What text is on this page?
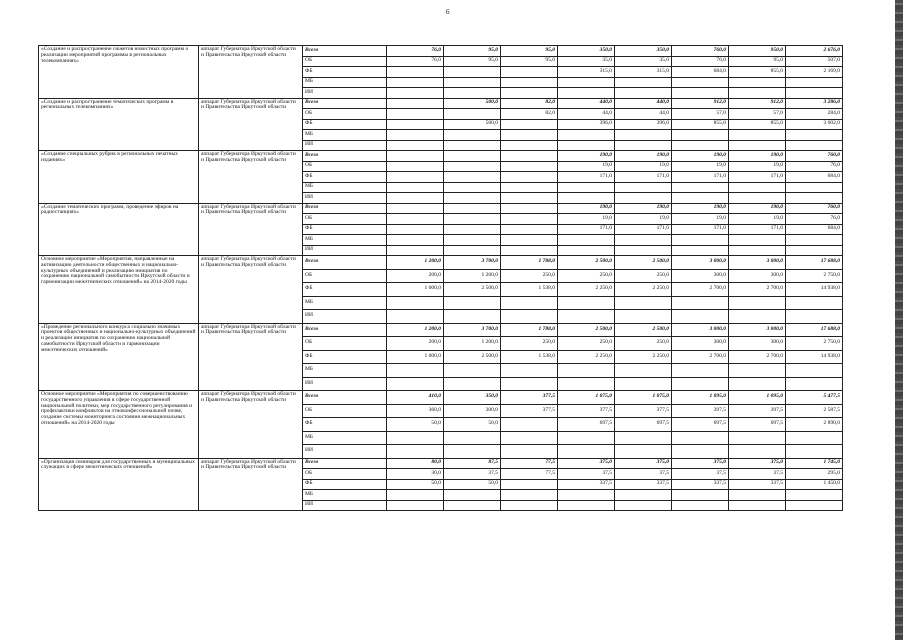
6
«Создание и распространение сюжетов новостных программ о реализации мероприятий программы в региональных телекомпаниях»	аппарат Губернатора Иркутской области и Правительства Иркутской области	Всего	76,0	95,0	95,0	350,0	350,0	760,0	950,0	2 676,0
		ОБ	76,0	95,0	95,0	35,0	35,0	76,0	95,0	507,0
		ФБ				315,0	315,0	684,0	855,0	2 169,0
		МБ								
		ИИ								
«Создание и распространение тематических программ в региональных телекомпаниях»	аппарат Губернатора Иркутской области и Правительства Иркутской области	Всего		500,0	82,0	440,0	440,0	912,0	912,0	3 286,0
		ОБ			82,0	44,0	44,0	57,0	57,0	284,0
		ФБ		500,0		396,0	396,0	855,0	855,0	3 002,0
		МБ								
		ИИ								
«Создание специальных рубрик в региональных печатных изданиях»	аппарат Губернатора Иркутской области и Правительства Иркутской области	Всего				190,0	190,0	190,0	190,0	760,0
		ОБ				19,0	19,0	19,0	19,0	76,0
		ФБ				171,0	171,0	171,0	171,0	684,0
		МБ								
		ИИ								
«Создание тематических программ, проведение эфиров на радиостанциях»	аппарат Губернатора Иркутской области и Правительства Иркутской области	Всего				190,0	190,0	190,0	190,0	760,0
		ОБ				19,0	19,0	19,0	19,0	76,0
		ФБ				171,0	171,0	171,0	171,0	684,0
		МБ								
		ИИ								
Основное мероприятие «Мероприятия, направленные на активизацию деятельности общественных и национально-культурных объединений и реализацию инициатив по сохранению национальной самобытности Иркутской области и гармонизации межэтнических отношений» на 2014-2020 годы	аппарат Губернатора Иркутской области и Правительства Иркутской области	Всего	1 200,0	3 700,0	1 788,0	2 500,0	2 500,0	3 000,0	3 000,0	17 688,0
		ОБ	200,0	1 200,0	250,0	250,0	250,0	300,0	300,0	2 750,0
		ФБ	1 000,0	2 500,0	1 538,0	2 250,0	2 250,0	2 700,0	2 700,0	14 938,0
		МБ								
		ИИ								
«Проведение регионального конкурса социально значимых проектов общественных и национально-культурных объединений и реализации инициатив по сохранению национальной самобытности Иркутской области и гармонизации межэтнических отношений»	аппарат Губернатора Иркутской области и Правительства Иркутской области	Всего	1 200,0	3 700,0	1 788,0	2 500,0	2 500,0	3 000,0	3 000,0	17 688,0
		ОБ	200,0	1 200,0	250,0	250,0	250,0	300,0	300,0	2 750,0
		ФБ	1 000,0	2 500,0	1 538,0	2 250,0	2 250,0	2 700,0	2 700,0	14 938,0
		МБ								
		ИИ								
Основное мероприятие «Мероприятия по совершенствованию государственного управления в сфере государственной национальной политики, мер государственного регулирования и профилактики конфликтов на этноконфессиональной почве, создание системы мониторинга состояния межнациональных отношений» на 2014-2020 годы	аппарат Губернатора Иркутской области и Правительства Иркутской области	Всего	410,0	350,0	377,5	1 075,0	1 075,0	1 095,0	1 095,0	5 477,5
		ОБ	360,0	300,0	377,5	377,5	377,5	397,5	397,5	2 587,5
		ФБ	50,0	50,0		697,5	697,5	697,5	697,5	2 890,0
		МБ								
		ИИ								
«Организация семинаров для государственных и муниципальных служащих в сфере межэтнических отношений»	аппарат Губернатора Иркутской области и Правительства Иркутской области	Всего	80,0	87,5	77,5	375,0	375,0	375,0	375,0	1 745,0
		ОБ	30,0	37,5	77,5	37,5	37,5	37,5	37,5	295,0
		ФБ	50,0	50,0		337,5	337,5	337,5	337,5	1 450,0
		МБ								
		ИИ								
